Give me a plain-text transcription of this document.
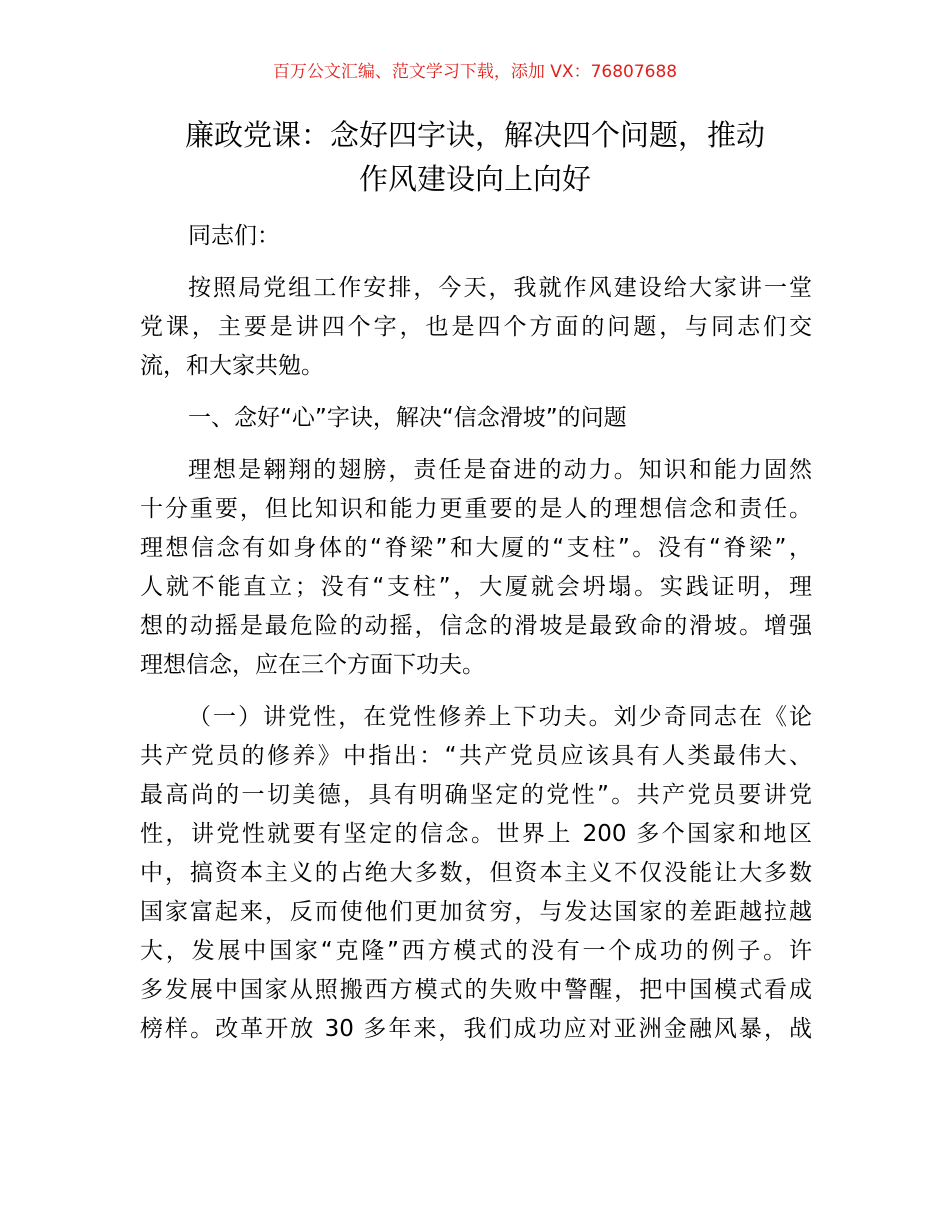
百万公文汇编、范文学习下载，添加 VX：76807688
廉政党课：念好四字诀，解决四个问题，推动
作风建设向上向好
同志们：
按照局党组工作安排，今天，我就作风建设给大家讲一堂
党课，主要是讲四个字，也是四个方面的问题，与同志们交
流，和大家共勉。
一、念好“心”字诀，解决“信念滑坡”的问题
理想是翱翔的翅膀，责任是奋进的动力。知识和能力固然
十分重要，但比知识和能力更重要的是人的理想信念和责任。
理想信念有如身体的“脊梁”和大厦的“支柱”。没有“脊梁”，
人就不能直立；没有“支柱”，大厦就会坍塌。实践证明，理
想的动摇是最危险的动摇，信念的滑坡是最致命的滑坡。增强
理想信念，应在三个方面下功夫。
（一）讲党性，在党性修养上下功夫。刘少奇同志在《论
共产党员的修养》中指出：“共产党员应该具有人类最伟大、
最高尚的一切美德，具有明确坚定的党性”。共产党员要讲党
性，讲党性就要有坚定的信念。世界上 200 多个国家和地区
中，搞资本主义的占绝大多数，但资本主义不仅没能让大多数
国家富起来，反而使他们更加贫穷，与发达国家的差距越拉越
大，发展中国家“克隆”西方模式的没有一个成功的例子。许
多发展中国家从照搬西方模式的失败中警醒，把中国模式看成
榜样。改革开放 30 多年来，我们成功应对亚洲金融风暴，战
